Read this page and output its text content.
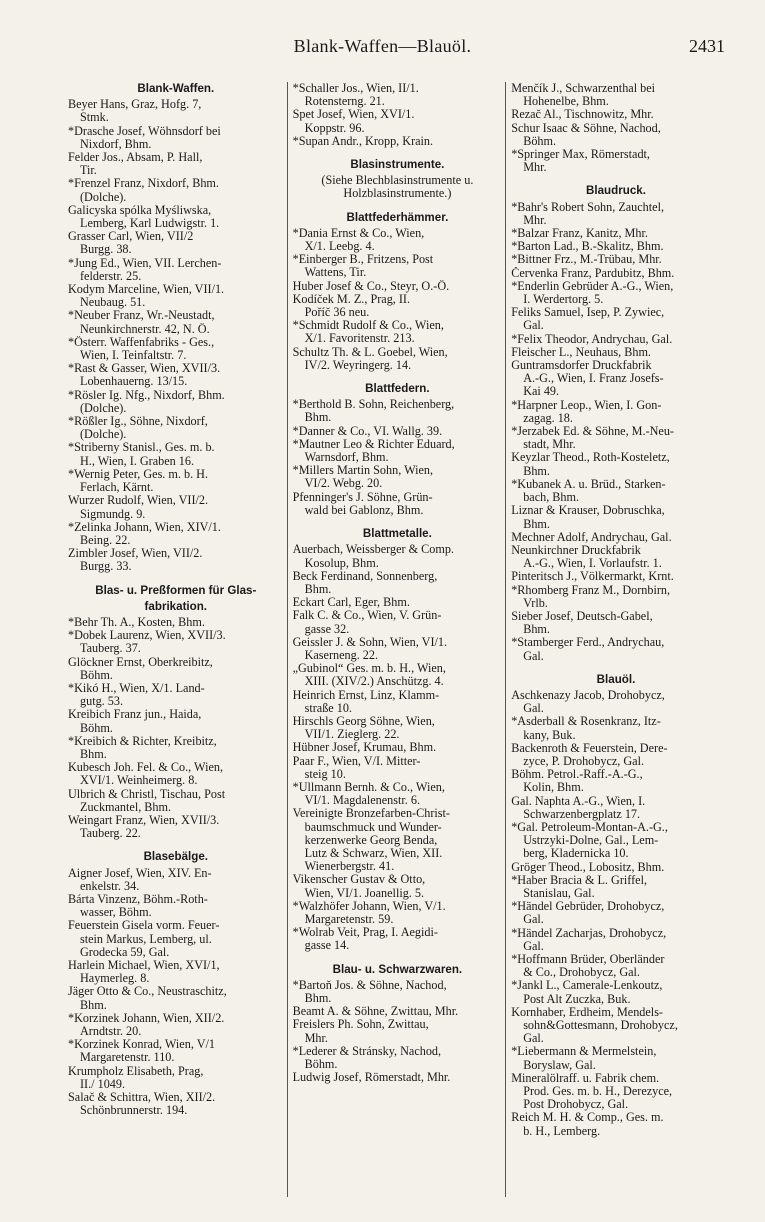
Blank-Waffen—Blauöl.	2431
Blank-Waffen.
Beyer Hans, Graz, Hofg. 7,
Stmk.
*Drasche Josef, Wöhnsdorf bei
Nixdorf, Bhm.
Felder Jos., Absam, P. Hall,
Tir.
*Frenzel Franz, Nixdorf, Bhm.
(Dolche).
Galicyska spólka Myśliwska,
Lemberg, Karl Ludwigstr. 1.
Grasser Carl, Wien, VII/2
Burgg. 38.
*Jung Ed., Wien, VII. Lerchen-
felderstr. 25.
Kodym Marceline, Wien, VII/1.
Neubaug. 51.
*Neuber Franz, Wr.-Neustadt,
Neunkirchnerstr. 42, N. Ö.
*Österr. Waffenfabriks - Ges.,
Wien, I. Teinfaltstr. 7.
*Rast & Gasser, Wien, XVII/3.
Lobenhauerng. 13/15.
*Rösler Ig. Nfg., Nixdorf, Bhm.
(Dolche).
*Rößler Ig., Söhne, Nixdorf,
(Dolche).
*Striberny Stanisl., Ges. m. b.
H., Wien, I. Graben 16.
*Wernig Peter, Ges. m. b. H.
Ferlach, Kärnt.
Wurzer Rudolf, Wien, VII/2.
Sigmundg. 9.
*Zelinka Johann, Wien, XIV/1.
Being. 22.
Zimbler Josef, Wien, VII/2.
Burgg. 33.
Blas- u. Preßformen für Glas-
fabrikation.
*Behr Th. A., Kosten, Bhm.
*Dobek Laurenz, Wien, XVII/3.
Tauberg. 37.
Glöckner Ernst, Oberkreibitz,
Böhm.
*Kikó H., Wien, X/1. Land-
gutg. 53.
Kreibich Franz jun., Haida,
Böhm.
*Kreibich & Richter, Kreibitz,
Bhm.
Kubesch Joh. Fel. & Co., Wien,
XVI/1. Weinheimerg. 8.
Ulbrich & Christl, Tischau, Post
Zuckmantel, Bhm.
Weingart Franz, Wien, XVII/3.
Tauberg. 22.
Blasebälge.
Aigner Josef, Wien, XIV. En-
enkelstr. 34.
Bárta Vinzenz, Böhm.-Roth-
wasser, Böhm.
Feuerstein Gisela vorm. Feuer-
stein Markus, Lemberg, ul.
Grodecka 59, Gal.
Harlein Michael, Wien, XVI/1,
Haymerleg. 8.
Jäger Otto & Co., Neustraschitz,
Bhm.
*Korzinek Johann, Wien, XII/2.
Arndtstr. 20.
*Korzinek Konrad, Wien, V/1
Margaretenstr. 110.
Krumpholz Elisabeth, Prag,
II./ 1049.
Salač & Schittra, Wien, XII/2.
Schönbrunnerstr. 194.
*Schaller Jos., Wien, II/1.
Rotensterng. 21.
Spet Josef, Wien, XVI/1.
Koppstr. 96.
*Supan Andr., Kropp, Krain.
Blasinstrumente.
(Siehe Blechblasinstrumente u.
Holzblasinstrumente.)
Blattfederhämmer.
*Dania Ernst & Co., Wien,
X/1. Leebg. 4.
*Einberger B., Fritzens, Post
Wattens, Tir.
Huber Josef & Co., Steyr, O.-Ö.
Kodíček M. Z., Prag, II.
Poříč 36 neu.
*Schmidt Rudolf & Co., Wien,
X/1. Favoritenstr. 213.
Schultz Th. & L. Goebel, Wien,
IV/2. Weyringerg. 14.
Blattfedern.
*Berthold B. Sohn, Reichenberg,
Bhm.
*Danner & Co., VI. Wallg. 39.
*Mautner Leo & Richter Eduard,
Warnsdorf, Bhm.
*Millers Martin Sohn, Wien,
VI/2. Webg. 20.
Pfenninger's J. Söhne, Grün-
wald bei Gablonz, Bhm.
Blattmetalle.
Auerbach, Weissberger & Comp.
Kosolup, Bhm.
Beck Ferdinand, Sonnenberg,
Bhm.
Eckart Carl, Eger, Bhm.
Falk C. & Co., Wien, V. Grün-
gasse 32.
Geissler J. & Sohn, Wien, VI/1.
Kaserneng. 22.
„Gubinol“ Ges. m. b. H., Wien,
XIII. (XIV/2.) Anschützg. 4.
Heinrich Ernst, Linz, Klamm-
straße 10.
Hirschls Georg Söhne, Wien,
VII/1. Zieglerg. 22.
Hübner Josef, Krumau, Bhm.
Paar F., Wien, V/I. Mitter-
steig 10.
*Ullmann Bernh. & Co., Wien,
VI/1. Magdalenenstr. 6.
Vereinigte Bronzefarben-Christ-
baumschmuck und Wunder-
kerzenwerke Georg Benda,
Lutz & Schwarz, Wien, XII.
Wienerbergstr. 41.
Vikenscher Gustav & Otto,
Wien, VI/1. Joanellig. 5.
*Walzhöfer Johann, Wien, V/1.
Margaretenstr. 59.
*Wolrab Veit, Prag, I. Aegidi-
gasse 14.
Blau- u. Schwarzwaren.
*Bartoň Jos. & Söhne, Nachod,
Bhm.
Beamt A. & Söhne, Zwittau, Mhr.
Freislers Ph. Sohn, Zwittau,
Mhr.
*Lederer & Stránsky, Nachod,
Böhm.
Ludwig Josef, Römerstadt, Mhr.
Menčík J., Schwarzenthal bei
Hohenelbe, Bhm.
Rezač Al., Tischnowitz, Mhr.
Schur Isaac & Söhne, Nachod,
Böhm.
*Springer Max, Römerstadt,
Mhr.
Blaudruck.
*Bahr's Robert Sohn, Zauchtel,
Mhr.
*Balzar Franz, Kanitz, Mhr.
*Barton Lad., B.-Skalitz, Bhm.
*Bittner Frz., M.-Trübau, Mhr.
Červenka Franz, Pardubitz, Bhm.
*Enderlin Gebrüder A.-G., Wien,
I. Werdertorg. 5.
Feliks Samuel, Isep, P. Zywiec,
Gal.
*Felix Theodor, Andrychau, Gal.
Fleischer L., Neuhaus, Bhm.
Guntramsdorfer Druckfabrik
A.-G., Wien, I. Franz Josefs-
Kai 49.
*Harpner Leop., Wien, I. Gon-
zagag. 18.
*Jerzabek Ed. & Söhne, M.-Neu-
stadt, Mhr.
Keyzlar Theod., Roth-Kosteletz,
Bhm.
*Kubanek A. u. Brüd., Starken-
bach, Bhm.
Liznar & Krauser, Dobruschka,
Bhm.
Mechner Adolf, Andrychau, Gal.
Neunkirchner Druckfabrik
A.-G., Wien, I. Vorlaufstr. 1.
Pinteritsch J., Völkermarkt, Krnt.
*Rhomberg Franz M., Dornbirn,
Vrlb.
Sieber Josef, Deutsch-Gabel,
Bhm.
*Stamberger Ferd., Andrychau,
Gal.
Blauöl.
Aschkenazy Jacob, Drohobycz,
Gal.
*Asderball & Rosenkranz, Itz-
kany, Buk.
Backenroth & Feuerstein, Dere-
zyce, P. Drohobycz, Gal.
Böhm. Petrol.-Raff.-A.-G.,
Kolin, Bhm.
Gal. Naphta A.-G., Wien, I.
Schwarzenbergplatz 17.
*Gal. Petroleum-Montan-A.-G.,
Ustrzyki-Dolne, Gal., Lem-
berg, Kladernicka 10.
Gröger Theod., Lobositz, Bhm.
*Haber Bracia & L. Griffel,
Stanislau, Gal.
*Händel Gebrüder, Drohobycz,
Gal.
*Händel Zacharjas, Drohobycz,
Gal.
*Hoffmann Brüder, Oberländer
& Co., Drohobycz, Gal.
*Jankl L., Camerale-Lenkoutz,
Post Alt Zuczka, Buk.
Kornhaber, Erdheim, Mendels-
sohn&Gottesmann, Drohobycz,
Gal.
*Liebermann & Mermelstein,
Boryslaw, Gal.
Mineralölraff. u. Fabrik chem.
Prod. Ges. m. b. H., Derezyce,
Post Drohobycz, Gal.
Reich M. H. & Comp., Ges. m.
b. H., Lemberg.
